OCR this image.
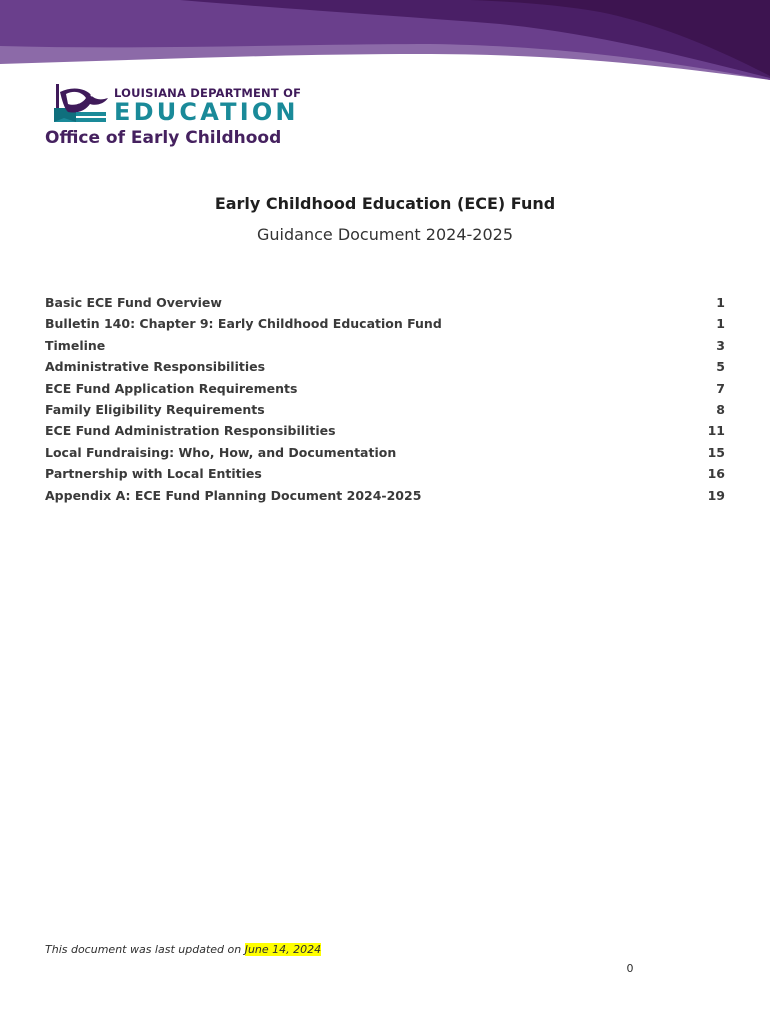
LOUISIANA DEPARTMENT OF
EDUCATION
Office of Early Childhood
Early Childhood Education (ECE) Fund
Guidance Document 2024-2025
Basic ECE Fund Overview	1
Bulletin 140: Chapter 9: Early Childhood Education Fund	1
Timeline	3
Administrative Responsibilities	5
ECE Fund Application Requirements	7
Family Eligibility Requirements	8
ECE Fund Administration Responsibilities	11
Local Fundraising: Who, How, and Documentation	15
Partnership with Local Entities	16
Appendix A: ECE Fund Planning Document 2024-2025	19
This document was last updated on June 14, 2024
0
